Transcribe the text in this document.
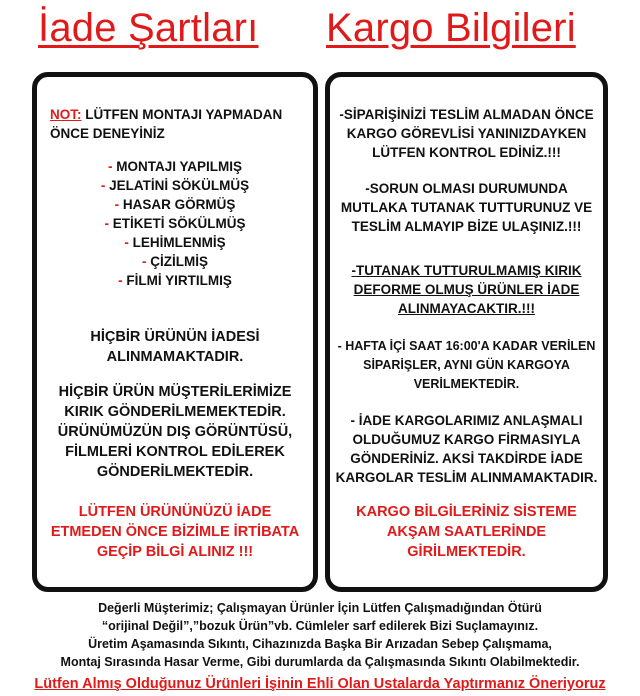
İade Şartları Kargo Bilgileri
NOT: LÜTFEN MONTAJI YAPMADAN
ÖNCE DENEYİNİZ
- MONTAJI YAPILMIŞ
- JELATİNİ SÖKÜLMÜŞ
- HASAR GÖRMÜŞ
- ETİKETİ SÖKÜLMÜŞ
- LEHİMLENMİŞ
- ÇİZİLMİŞ
- FİLMİ YIRTILMIŞ
HİÇBİR ÜRÜNÜN İADESİ
ALINMAMAKTADIR.
HİÇBİR ÜRÜN MÜŞTERİLERİMİZE
KIRIK GÖNDERİLMEMEKTEDİR.
ÜRÜNÜMÜZÜN DIŞ GÖRÜNTÜSÜ,
FİLMLERİ KONTROL EDİLEREK
GÖNDERİLMEKTEDİR.
LÜTFEN ÜRÜNÜNÜZÜ İADE
ETMEDEN ÖNCE BİZİMLE İRTİBATA
GEÇİP BİLGİ ALINIZ !!!
-SİPARİŞİNİZİ TESLİM ALMADAN ÖNCE
KARGO GÖREVLİSİ YANINIZDAYKEN
LÜTFEN KONTROL EDİNİZ.!!!
-SORUN OLMASI DURUMUNDA
MUTLAKA TUTANAK TUTTURUNUZ VE
TESLİM ALMAYIP BİZE ULAŞINIZ.!!!
-TUTANAK TUTTURULMAMIŞ KIRIK
DEFORME OLMUŞ ÜRÜNLER İADE
ALINMAYACAKTIR.!!!
- HAFTA İÇİ SAAT 16:00'A KADAR VERİLEN
SİPARİŞLER, AYNI GÜN KARGOYA
VERİLMEKTEDİR.
- İADE KARGOLARIMIZ ANLAŞMALI
OLDUĞUMUZ KARGO FİRMASIYLA
GÖNDERİNİZ. AKSİ TAKDİRDE İADE
KARGOLAR TESLİM ALINMAMAKTADIR.
KARGO BİLGİLERİNİZ SİSTEME
AKŞAM SAATLERİNDE
GİRİLMEKTEDİR.
Değerli Müşterimiz; Çalışmayan Ürünler İçin Lütfen Çalışmadığından Ötürü
“orijinal Değil”,”bozuk Ürün”vb. Cümleler sarf edilerek Bizi Suçlamayınız.
Üretim Aşamasında Sıkıntı, Cihazınızda Başka Bir Arızadan Sebep Çalışmama,
Montaj Sırasında Hasar Verme, Gibi durumlarda da Çalışmasında Sıkıntı Olabilmektedir.
Lütfen Almış Olduğunuz Ürünleri İşinin Ehli Olan Ustalarda Yaptırmanız Öneriyoruz
